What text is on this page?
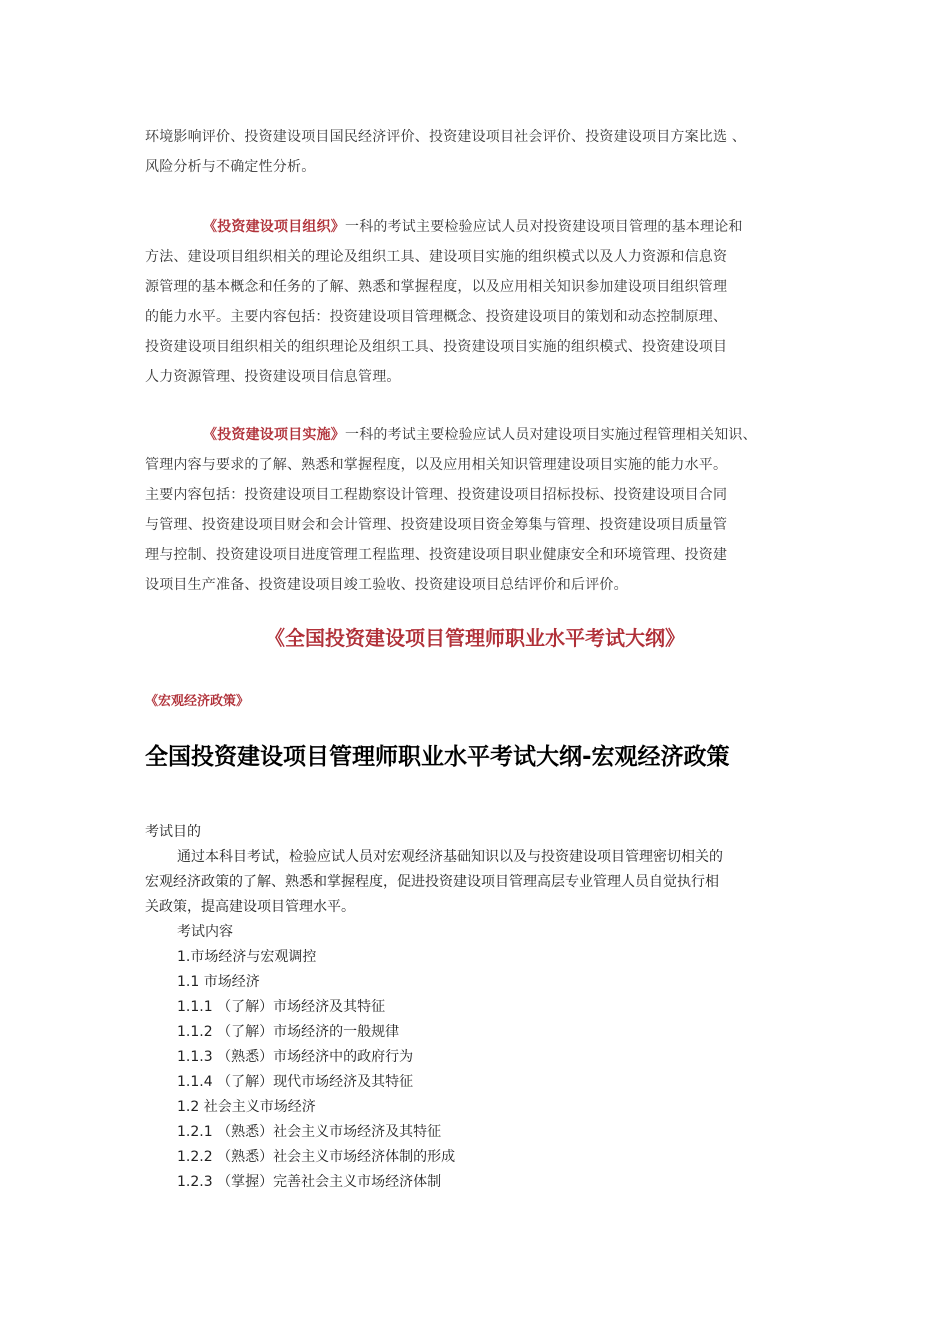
环境影响评价、投资建设项目国民经济评价、投资建设项目社会评价、投资建设项目方案比选 、
风险分析与不确定性分析。
《投资建设项目组织》一科的考试主要检验应试人员对投资建设项目管理的基本理论和
方法、建设项目组织相关的理论及组织工具、建设项目实施的组织模式以及人力资源和信息资
源管理的基本概念和任务的了解、熟悉和掌握程度，以及应用相关知识参加建设项目组织管理
的能力水平。主要内容包括：投资建设项目管理概念、投资建设项目的策划和动态控制原理、
投资建设项目组织相关的组织理论及组织工具、投资建设项目实施的组织模式、投资建设项目
人力资源管理、投资建设项目信息管理。
《投资建设项目实施》一科的考试主要检验应试人员对建设项目实施过程管理相关知识、
管理内容与要求的了解、熟悉和掌握程度，以及应用相关知识管理建设项目实施的能力水平。
主要内容包括：投资建设项目工程勘察设计管理、投资建设项目招标投标、投资建设项目合同
与管理、投资建设项目财会和会计管理、投资建设项目资金筹集与管理、投资建设项目质量管
理与控制、投资建设项目进度管理工程监理、投资建设项目职业健康安全和环境管理、投资建
设项目生产准备、投资建设项目竣工验收、投资建设项目总结评价和后评价。
《全国投资建设项目管理师职业水平考试大纲》
《宏观经济政策》
全国投资建设项目管理师职业水平考试大纲-宏观经济政策
考试目的
通过本科目考试，检验应试人员对宏观经济基础知识以及与投资建设项目管理密切相关的
宏观经济政策的了解、熟悉和掌握程度，促进投资建设项目管理高层专业管理人员自觉执行相
关政策，提高建设项目管理水平。
考试内容
1.市场经济与宏观调控
1.1 市场经济
1.1.1 （了解）市场经济及其特征
1.1.2 （了解）市场经济的一般规律
1.1.3 （熟悉）市场经济中的政府行为
1.1.4 （了解）现代市场经济及其特征
1.2 社会主义市场经济
1.2.1 （熟悉）社会主义市场经济及其特征
1.2.2 （熟悉）社会主义市场经济体制的形成
1.2.3 （掌握）完善社会主义市场经济体制
